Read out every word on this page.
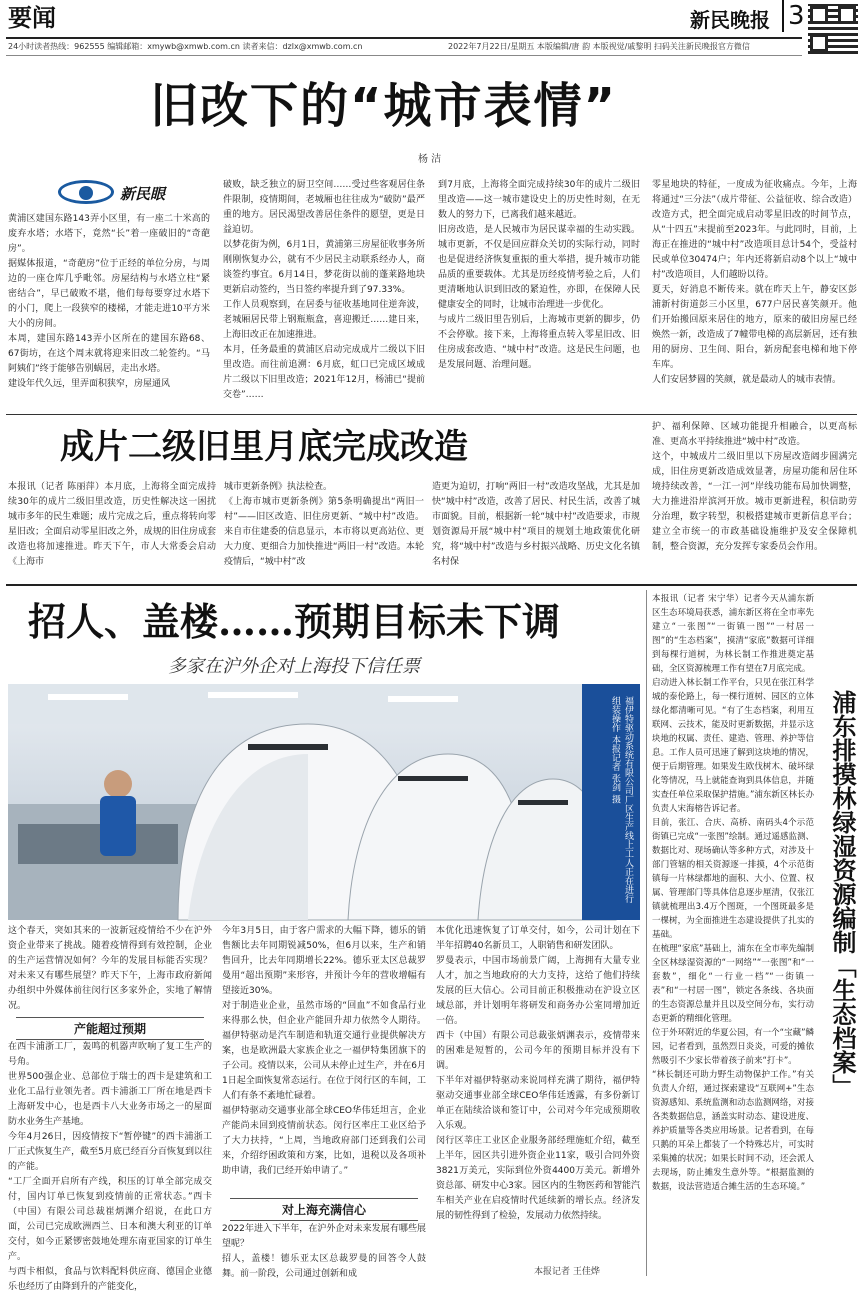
要闻	新民晚报 3
24小时读者热线：962555 编辑邮箱：xmywb@xmwb.com.cn 读者来信：dzlx@xmwb.com.cn	2022年7月22日/星期五 本版编辑/唐 韵 本版视觉/戚黎明 扫码关注新民晚报官方微信
旧改下的“城市表情”
杨 洁
新民眼
黄浦区建国东路143弄小区里，有一座二十米高的废弃水塔；水塔下，竟然“长”着一座破旧的“奇葩房”。
据媒体报道，“奇葩房”位于正经的单位分房，与周边的一座仓库几乎毗邻。房屋结构与水塔立柱“紧密结合”，早已破败不堪，他们每每要穿过水塔下的小门，爬上一段狭窄的楼梯，才能走进10平方米大小的房间。
本周，建国东路143弄小区所在的建国东路68、67街坊，在这个周末就将迎来旧改二轮签约。“马阿姨们”终于能够告别蜗居，走出水塔。
建设年代久远，里弄面积狭窄，房屋通风
破败，缺乏独立的厨卫空间……受过些客观居住条件限制，疫情期间，老城厢也往往成为“破防”最严重的地方。居民渴望改善居住条件的愿望，更是日益迫切。
以梦花街为例，6月1日，黄浦第三房屋征收事务所刚刚恢复办公，就有不少居民主动联系经办人，商谈签约事宜。6月14日，梦花街以前的蓬莱路地块更新启动签约，当日签约率提升到了97.33%。
工作人员观察到，在居委与征收基地同住逆奔波，老城厢居民带上钢瓶瓶盒，喜迎搬迁……建日来，上海旧改正在加速推进。
本月，任务最重的黄浦区启动完成成片二级以下旧里改造。而往前追溯：6月底，虹口已完成区域成片二级以下旧里改造；2021年12月，杨浦已“提前交卷”……
到7月底，上海将全面完成持续30年的成片二级旧里改造——这一城市建设史上的历史性时刻，在无数人的努力下，已离我们越来越近。
旧房改造，是人民城市为居民谋幸福的生动实践。城市更新，不仅是回应群众关切的实际行动，同时也是促进经济恢复重振的重大举措，提升城市功能品质的重要载体。尤其是历经疫情考验之后，人们更清晰地认识到旧改的紧迫性，亦即，在保障人民健康安全的同时，让城市治理进一步优化。
与成片二级旧里告别后，上海城市更新的脚步，仍不会停歇。接下来，上海将重点转入零星旧改、旧住房成套改造、“城中村”改造。这是民生问题，也是发展问题、治理问题。
零星地块的特征，一度成为征收痛点。今年，上海将通过“三分法”（成片带征、公益征收、综合改造）改造方式，把全面完成启动零星旧改的时间节点，从“十四五”末提前至2023年。与此同时，目前，上海正在推进的“城中村”改造项目总计54个，受益村民或单位30474户；年内还将新启动8个以上“城中村”改造项目，人们越盼以待。
夏天，好消息不断传来。就在昨天上午，静安区彭浦新村街道彭三小区里，677户居民喜笑颜开。他们开始搬回原来居住的地方，原来的破旧房屋已经焕然一新，改造成了7幢带电梯的高层新居，还有独用的厨房、卫生间、阳台，新房配套电梯和地下停车库。
人们安居梦圆的笑颜，就是最动人的城市表情。
成片二级旧里月底完成改造
本报讯（记者 陈丽萍）本月底，上海将全面完成持续30年的成片二级旧里改造，历史性解决这一困扰城市多年的民生难题；成片完成之后，重点将转向零星旧改；全面启动零星旧改之外，成规的旧住房成套改造也将加速推进。昨天下午，市人大常委会启动《上海市
城市更新条例》执法检查。
《上海市城市更新条例》第5条明确提出“两旧一村”——旧区改造、旧住房更新、“城中村”改造。来自市住建委的信息显示，本市将以更高站位、更大力度、更细合力加快推进“两旧一村”改造。本轮疫情后，“城中村”改
造更为迫切，打响“两旧一村”改造攻坚战，尤其是加快“城中村”改造，改善了居民、村民生活，改善了城市面貌。目前，根据新一轮“城中村”改造要求，市规划资源局开展“城中村”项目的规划土地政策优化研究，将“城中村”改造与乡村振兴战略、历史文化名镇名村保
护、福利保障、区域功能提升相融合，以更高标准、更高水平持续推进“城中村”改造。
这个，中城成片二级旧里以下房屋改造阔步圆满完成，旧住房更新改造成效显著，房屋功能和居住环境持续改善，“一江一河”岸线功能布局加快调整，大力推进沿岸滨河开放。城市更新进程，积信助劳分治理，数字转型，积极搭建城市更新信息平台；建立全市统一的市政基础设施维护及安全保障机制，整合资源，充分发挥专家委员会作用。
招人、盖楼……预期目标未下调
多家在沪外企对上海投下信任票
福伊特驱动系统有限公司厂区生产线上工人正在进行组装操作 本报记者 张剑 摄
这个春天，突如其来的一波新冠疫情给不少在沪外资企业带来了挑战。随着疫情得到有效控制，企业的生产运营情况如何？今年的发展目标能否实现？对未来又有哪些展望？昨天下午，上海市政府新闻办组织中外媒体前往闵行区多家外企，实地了解情况。
产能超过预期
在西卡浦浙工厂，轰鸣的机器声吹响了复工生产的号角。
世界500强企业、总部位于瑞士的西卡是建筑和工业化工品行业领先者。西卡浦浙工厂所在地是西卡上海研发中心，也是西卡八大业务市场之一的屋面防水业务生产基地。
今年4月26日，因疫情按下“暂停键”的西卡浦浙工厂正式恢复生产，截至5月底已经百分百恢复到以往的产能。
“工厂全面开启所有产线，积压的订单全部完成交付，国内订单已恢复到疫情前的正常状态。”西卡（中国）有限公司总裁崔炳渊介绍说，在此口方面，公司已完成欧洲西兰、日本和澳大利亚的订单交付，如今正紧锣密鼓地处理东南亚国家的订单生产。
与西卡相似，食品与饮料配料供应商、德国企业德乐也经历了由降到升的产能变化，
今年3月5日，由于客户需求的大幅下降，德乐的销售额比去年同期锐减50%，但6月以来，生产和销售回升，比去年同期增长22%。德乐亚太区总裁罗曼用“超出预期”来形容，并预计今年的营收增幅有望接近30%。
对于制造业企业，虽然市场的“回血”不如食品行业来得那么快，但企业产能回升却力依然令人期待。福伊特驱动是汽车制造和轨道交通行业提供解决方案，也是欧洲最大家族企业之一福伊特集团旗下的子公司。疫情以来，公司从未停止过生产，并在6月1日起全面恢复常态运行。在位于闵行区的车间，工人们有条不紊地忙碌着。
福伊特驱动交通事业部全球CEO华伟廷坦言，企业产能尚未回到疫情前状态。闵行区率庄工业区给予了大力扶持，“上周，当地政府部门还到我们公司来，介绍纾困政策和方案，比如，退税以及各项补助申请，我们已经开始申请了。”
对上海充满信心
2022年进入下半年，在沪外企对未来发展有哪些展望呢？
招人，盖楼！德乐亚太区总裁罗曼的回答令人鼓舞。前一阶段，公司通过创新和成
本优化迅速恢复了订单交付，如今，公司计划在下半年招聘40名新员工，人职销售和研发团队。
罗曼表示，中国市场前景广阔，上海拥有大量专业人才，加之当地政府的大力支持，这给了他们持续发展的巨大信心。公司目前正积极推动在沪设立区域总部，并计划明年将研发和商务办公室同增加近一倍。
西卡（中国）有限公司总裁张炳渊表示，疫情带来的困难是短暂的，公司今年的预期目标并没有下调。
下半年对福伊特驱动来说同样充满了期待，福伊特驱动交通事业部全球CEO华伟廷透露，有多份新订单正在陆续洽谈和签订中，公司对今年完成预期收入乐观。
闵行区莘庄工业区企业服务部经理施虹介绍，截至上半年，园区共引进外资企业11家，吸引合同外资3821万美元，实际到位外资4400万美元。新增外资总部、研发中心3家。园区内的生物医药和智能汽车相关产业在启疫情时代延续新的增长点。经济发展的韧性得到了检验，发展动力依然持续。
本报记者 王佳烨
本报讯（记者 宋宁华）记者今天从浦东新区生态环境局获悉，浦东新区将在全市率先建立“一张图”“一街镇一图”“一村居一图”的“生态档案”，摸清“家底”数据可详细到每棵行道树，为林长制工作推进奠定基础，全区资源梳理工作有望在7月底完成。
启动进入林长制工作平台，只见在张江科学城的泰伦路上，每一棵行道树、园区的立体绿化都清晰可见。“有了生态档案，利用互联网、云技术，能及时更新数据，并显示这块地的权属、责任、建造、管理、养护等信息。工作人员可迅速了解到这块地的情况，便于后期管理。如果发生欧伐树木、破坏绿化等情况，马上就能查询到具体信息，并随实查任单位采取保护措施。”浦东新区林长办负责人宋海榕告诉记者。
目前，张江、合庆、高桥、南码头4个示范街镇已完成“一张图”绘制。通过遥感监测、数据比对、现场确认等多种方式，对涉及十部门管辖的相关资源逐一排摸，4个示范街镇每一片林绿都地的面积、大小、位置、权属、管理部门等具体信息逐步厘清，仅张江镇就梳理出3.4万个图斑，一个图斑最多是一棵树，为全面推进生态建设提供了扎实的基础。
在梳理“家底”基础上，浦东在全市率先编制全区林绿湿资源的“一网络”“一张图”和“一套数”，细化“一行业一档”“一街镇一表”和“一村居一图”，锁定各条线、各块面的生态资源总量并且以及空间分布，实行动态更新的精细化管理。
位于外环附近的华夏公园，有一个“宝藏”鳞园，记者看到，虽然烈日炎炎，可爱的摊依然吸引不少家长带着孩子前来“打卡”。
“林长制还可助力野生动物保护工作。”有关负责人介绍，通过探索建设“互联网+”生态资源感知、系统监测和动态监测网络，对接各类数据信息，涵盖实时动态、建设进度、养护质量等各类应用场景。记者看到，在每只鹅的耳朵上都装了一个特殊芯片，可实时采集摊的状况；如果长时间不动，还会派人去现场，防止摊发生意外等。“根据监测的数据，设法营造适合摊生活的生态环境。”
浦东排摸林绿湿资源编制「生态档案」
